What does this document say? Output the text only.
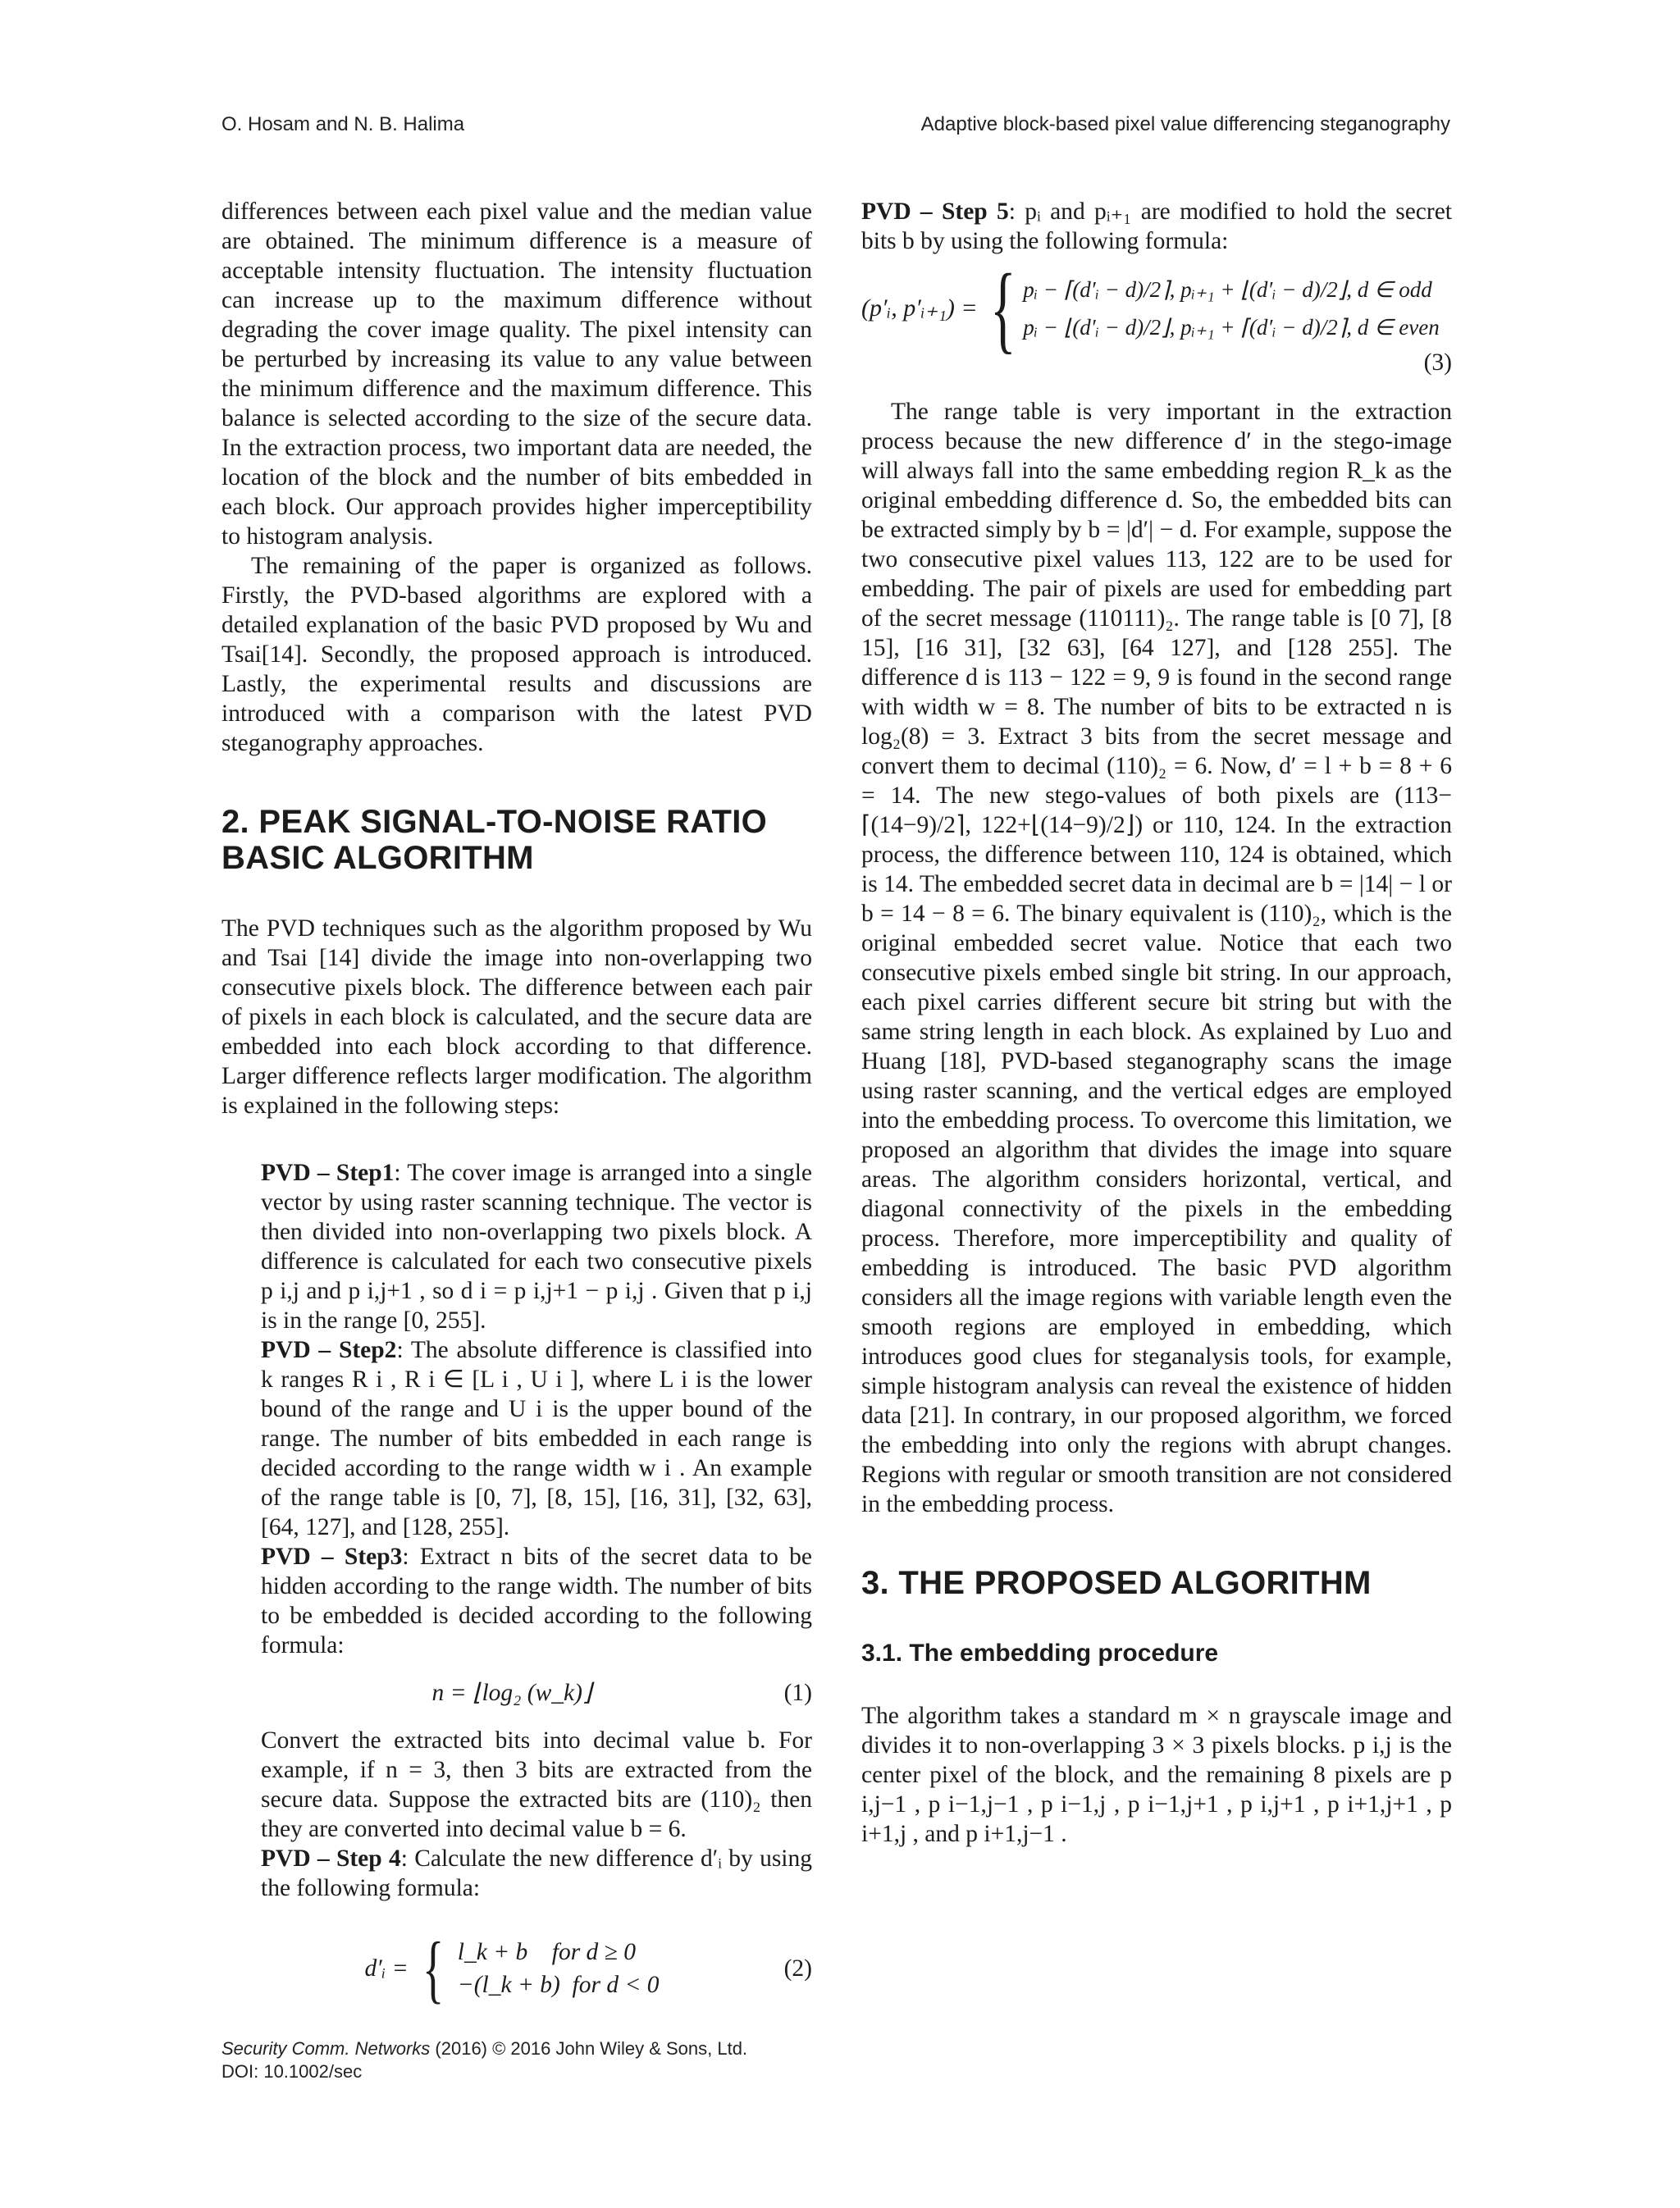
O. Hosam and N. B. Halima	Adaptive block-based pixel value differencing steganography

differences between each pixel value and the median value are obtained. The minimum difference is a measure of acceptable intensity fluctuation. The intensity fluctuation can increase up to the maximum difference without degrading the cover image quality. The pixel intensity can be perturbed by increasing its value to any value between the minimum difference and the maximum difference. This balance is selected according to the size of the secure data. In the extraction process, two important data are needed, the location of the block and the number of bits embedded in each block. Our approach provides higher imperceptibility to histogram analysis.

The remaining of the paper is organized as follows. Firstly, the PVD-based algorithms are explored with a detailed explanation of the basic PVD proposed by Wu and Tsai[14]. Secondly, the proposed approach is introduced. Lastly, the experimental results and discussions are introduced with a comparison with the latest PVD steganography approaches.

2. PEAK SIGNAL-TO-NOISE RATIO BASIC ALGORITHM

The PVD techniques such as the algorithm proposed by Wu and Tsai [14] divide the image into non-overlapping two consecutive pixels block. The difference between each pair of pixels in each block is calculated, and the secure data are embedded into each block according to that difference. Larger difference reflects larger modification. The algorithm is explained in the following steps:

PVD – Step1: The cover image is arranged into a single vector by using raster scanning technique. The vector is then divided into non-overlapping two pixels block. A difference is calculated for each two consecutive pixels p i,j and p i,j+1 , so d i = p i,j+1 − p i,j . Given that p i,j is in the range [0, 255].

PVD – Step2: The absolute difference is classified into k ranges R i , R i ∈ [L i , U i ], where L i is the lower bound of the range and U i is the upper bound of the range. The number of bits embedded in each range is decided according to the range width w i . An example of the range table is [0, 7], [8, 15], [16, 31], [32, 63], [64, 127], and [128, 255].

PVD – Step3: Extract n bits of the secret data to be hidden according to the range width. The number of bits to be embedded is decided according to the following formula:

n = ⌊log₂ (w_k)⌋	(1)

Convert the extracted bits into decimal value b. For example, if n = 3, then 3 bits are extracted from the secure data. Suppose the extracted bits are (110)₂ then they are converted into decimal value b = 6.

PVD – Step 4: Calculate the new difference d′ᵢ by using the following formula:

d′ᵢ = { l_k + b    for d ≥ 0
−(l_k + b)  for d < 0
(2)

PVD – Step 5: pᵢ and pᵢ₊₁ are modified to hold the secret bits b by using the following formula:

(p′ᵢ, p′ᵢ₊₁) = { pᵢ − ⌈(d′ᵢ − d)/2⌉, pᵢ₊₁ + ⌊(d′ᵢ − d)/2⌋, d ∈ odd
pᵢ − ⌊(d′ᵢ − d)/2⌋, pᵢ₊₁ + ⌈(d′ᵢ − d)/2⌉, d ∈ even
(3)

The range table is very important in the extraction process because the new difference d′ in the stego-image will always fall into the same embedding region R_k as the original embedding difference d. So, the embedded bits can be extracted simply by b = |d′| − d. For example, suppose the two consecutive pixel values 113, 122 are to be used for embedding. The pair of pixels are used for embedding part of the secret message (110111)₂. The range table is [0 7], [8 15], [16 31], [32 63], [64 127], and [128 255]. The difference d is 113 − 122 = 9, 9 is found in the second range with width w = 8. The number of bits to be extracted n is log₂(8) = 3. Extract 3 bits from the secret message and convert them to decimal (110)₂ = 6. Now, d′ = l + b = 8 + 6 = 14. The new stego-values of both pixels are (113−⌈(14−9)/2⌉, 122+⌊(14−9)/2⌋) or 110, 124. In the extraction process, the difference between 110, 124 is obtained, which is 14. The embedded secret data in decimal are b = |14| − l or b = 14 − 8 = 6. The binary equivalent is (110)₂, which is the original embedded secret value. Notice that each two consecutive pixels embed single bit string. In our approach, each pixel carries different secure bit string but with the same string length in each block. As explained by Luo and Huang [18], PVD-based steganography scans the image using raster scanning, and the vertical edges are employed into the embedding process. To overcome this limitation, we proposed an algorithm that divides the image into square areas. The algorithm considers horizontal, vertical, and diagonal connectivity of the pixels in the embedding process. Therefore, more imperceptibility and quality of embedding is introduced. The basic PVD algorithm considers all the image regions with variable length even the smooth regions are employed in embedding, which introduces good clues for steganalysis tools, for example, simple histogram analysis can reveal the existence of hidden data [21]. In contrary, in our proposed algorithm, we forced the embedding into only the regions with abrupt changes. Regions with regular or smooth transition are not considered in the embedding process.

3. THE PROPOSED ALGORITHM
3.1. The embedding procedure

The algorithm takes a standard m × n grayscale image and divides it to non-overlapping 3 × 3 pixels blocks. p i,j is the center pixel of the block, and the remaining 8 pixels are p i,j−1 , p i−1,j−1 , p i−1,j , p i−1,j+1 , p i,j+1 , p i+1,j+1 , p i+1,j , and p i+1,j−1 .

Security Comm. Networks (2016) © 2016 John Wiley & Sons, Ltd.
DOI: 10.1002/sec
